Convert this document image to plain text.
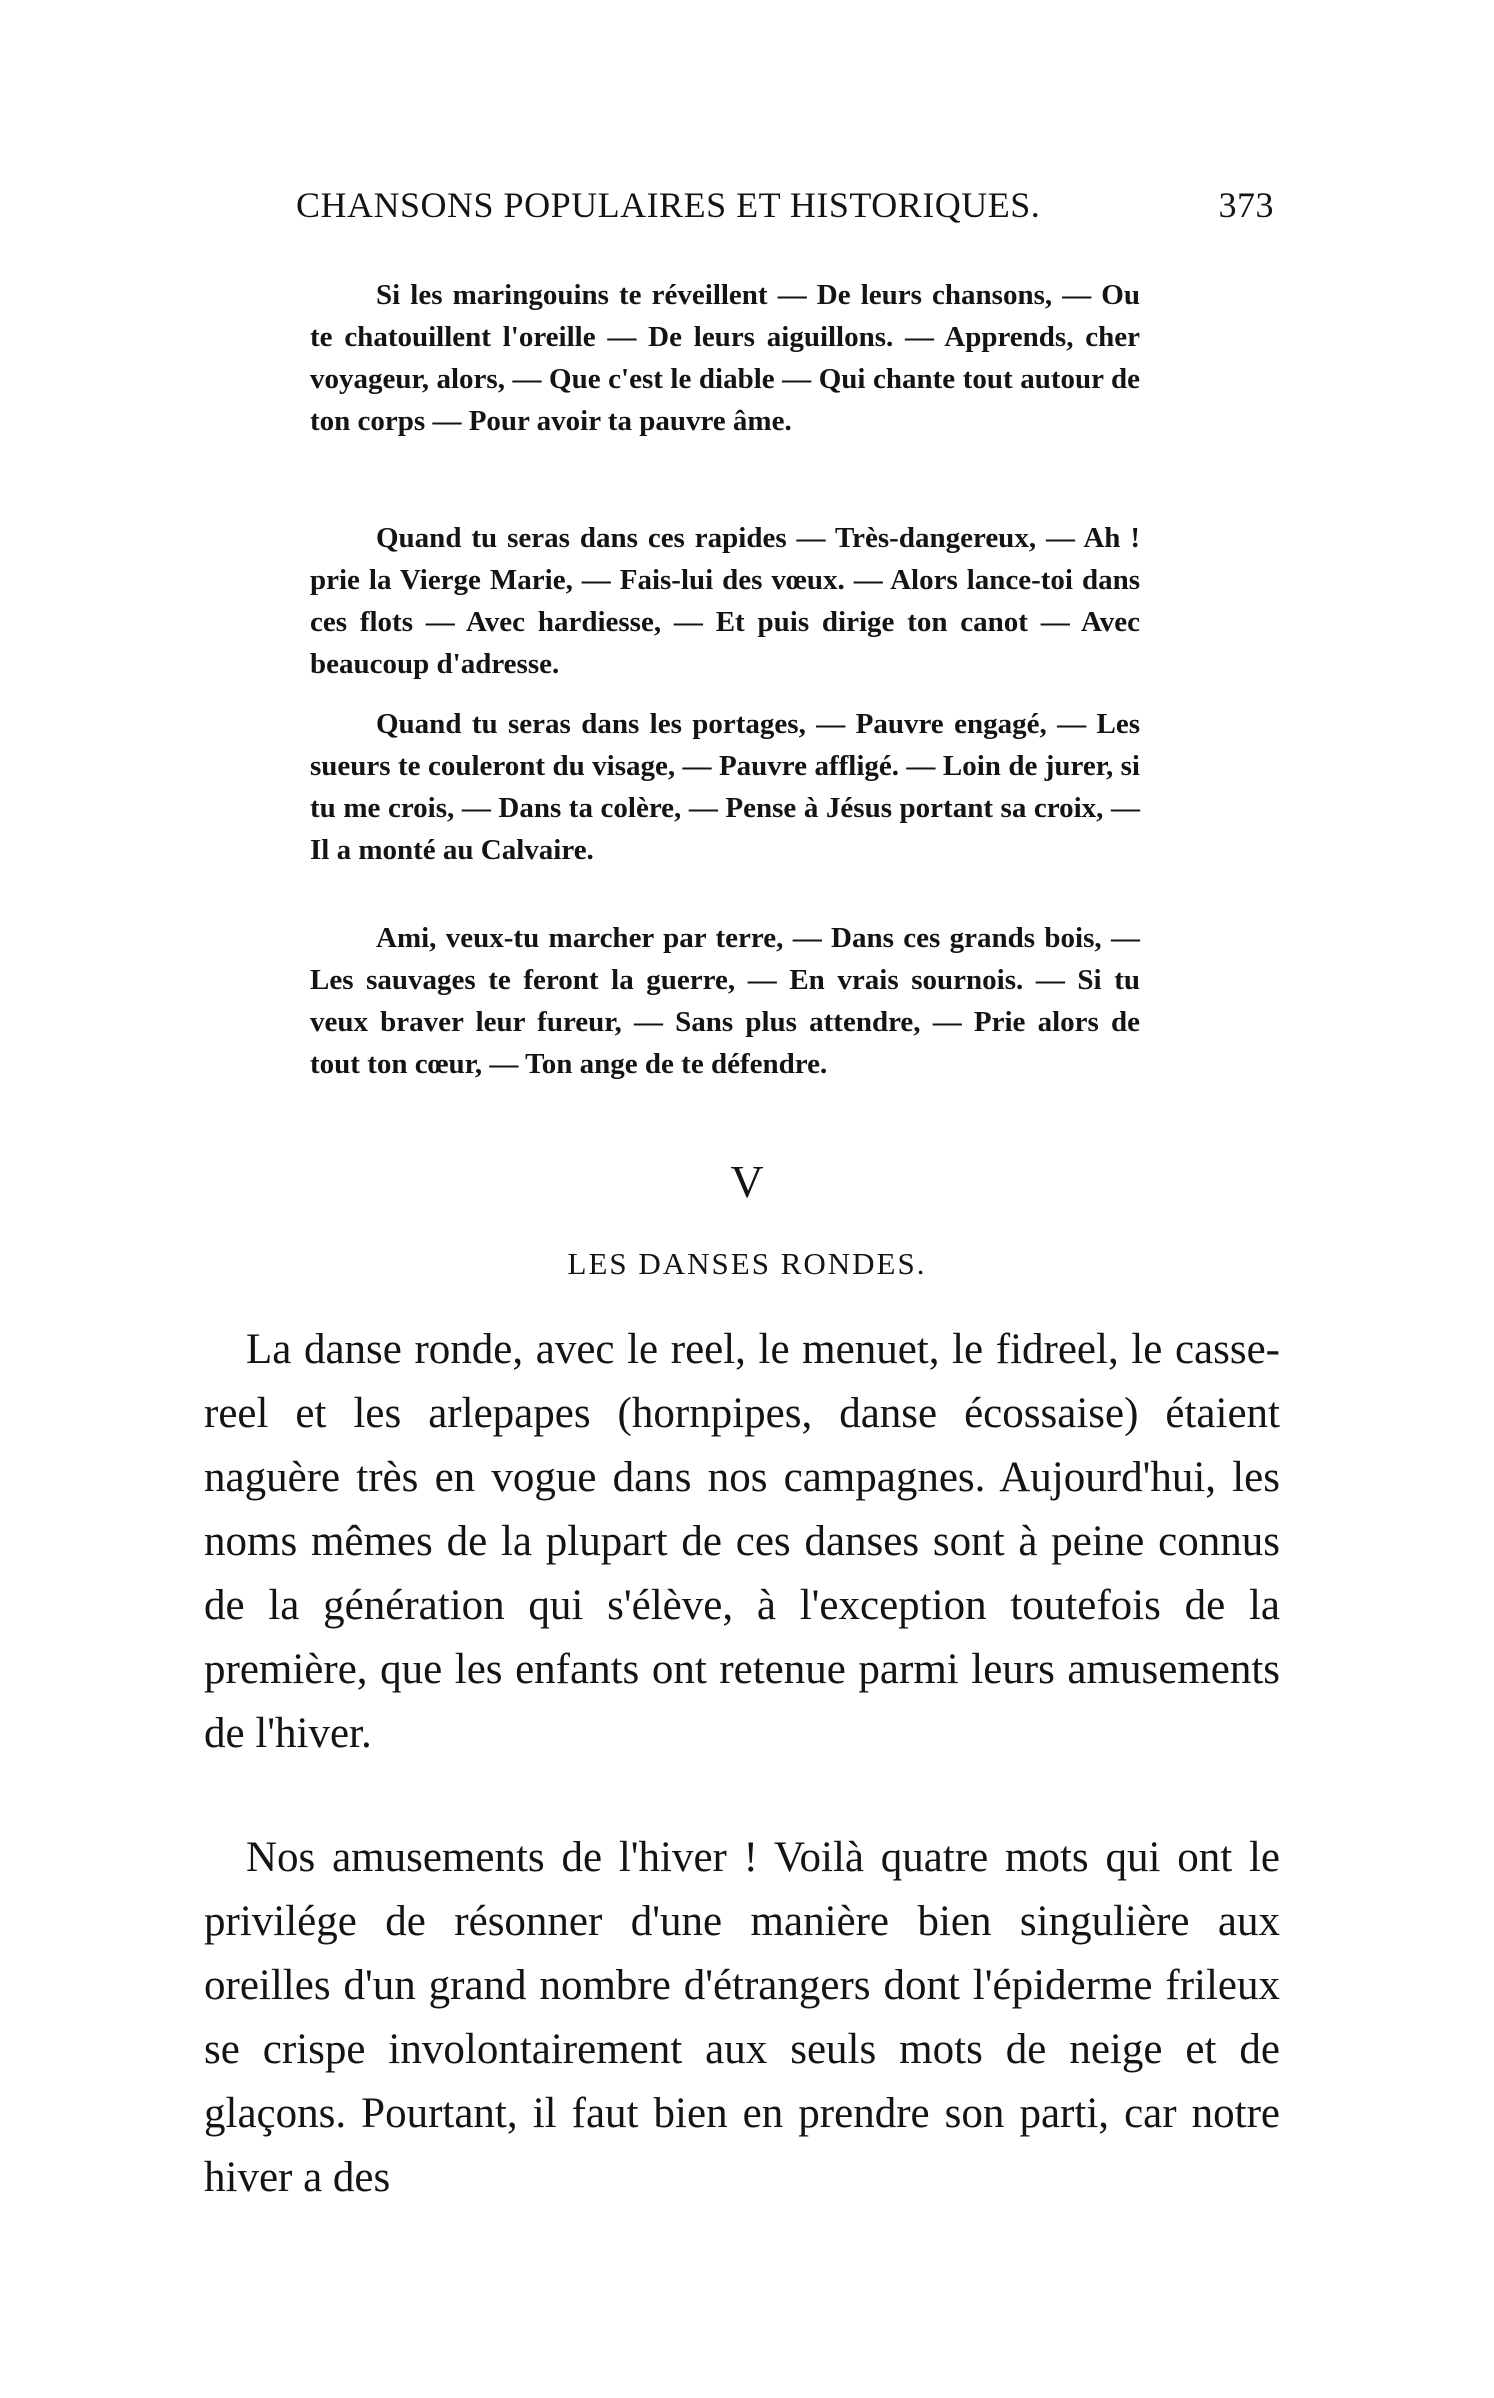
CHANSONS POPULAIRES ET HISTORIQUES.	373

Si les maringouins te réveillent — De leurs chansons, — Ou te chatouillent l'oreille — De leurs aiguillons. — Apprends, cher voyageur, alors, — Que c'est le diable — Qui chante tout autour de ton corps — Pour avoir ta pauvre âme.

Quand tu seras dans ces rapides — Très-dangereux, — Ah ! prie la Vierge Marie, — Fais-lui des vœux. — Alors lance-toi dans ces flots — Avec hardiesse, — Et puis dirige ton canot — Avec beaucoup d'adresse.

Quand tu seras dans les portages, — Pauvre engagé, — Les sueurs te couleront du visage, — Pauvre affligé. — Loin de jurer, si tu me crois, — Dans ta colère, — Pense à Jésus portant sa croix, — Il a monté au Calvaire.

Ami, veux-tu marcher par terre, — Dans ces grands bois, — Les sauvages te feront la guerre, — En vrais sournois. — Si tu veux braver leur fureur, — Sans plus attendre, — Prie alors de tout ton cœur, — Ton ange de te défendre.

V
LES DANSES RONDES.

La danse ronde, avec le reel, le menuet, le fidreel, le casse-reel et les arlepapes (hornpipes, danse écossaise) étaient naguère très en vogue dans nos campagnes. Aujourd'hui, les noms mêmes de la plupart de ces danses sont à peine connus de la génération qui s'élève, à l'exception toutefois de la première, que les enfants ont retenue parmi leurs amusements de l'hiver.

Nos amusements de l'hiver ! Voilà quatre mots qui ont le privilége de résonner d'une manière bien singulière aux oreilles d'un grand nombre d'étrangers dont l'épiderme frileux se crispe involontairement aux seuls mots de neige et de glaçons. Pourtant, il faut bien en prendre son parti, car notre hiver a des
